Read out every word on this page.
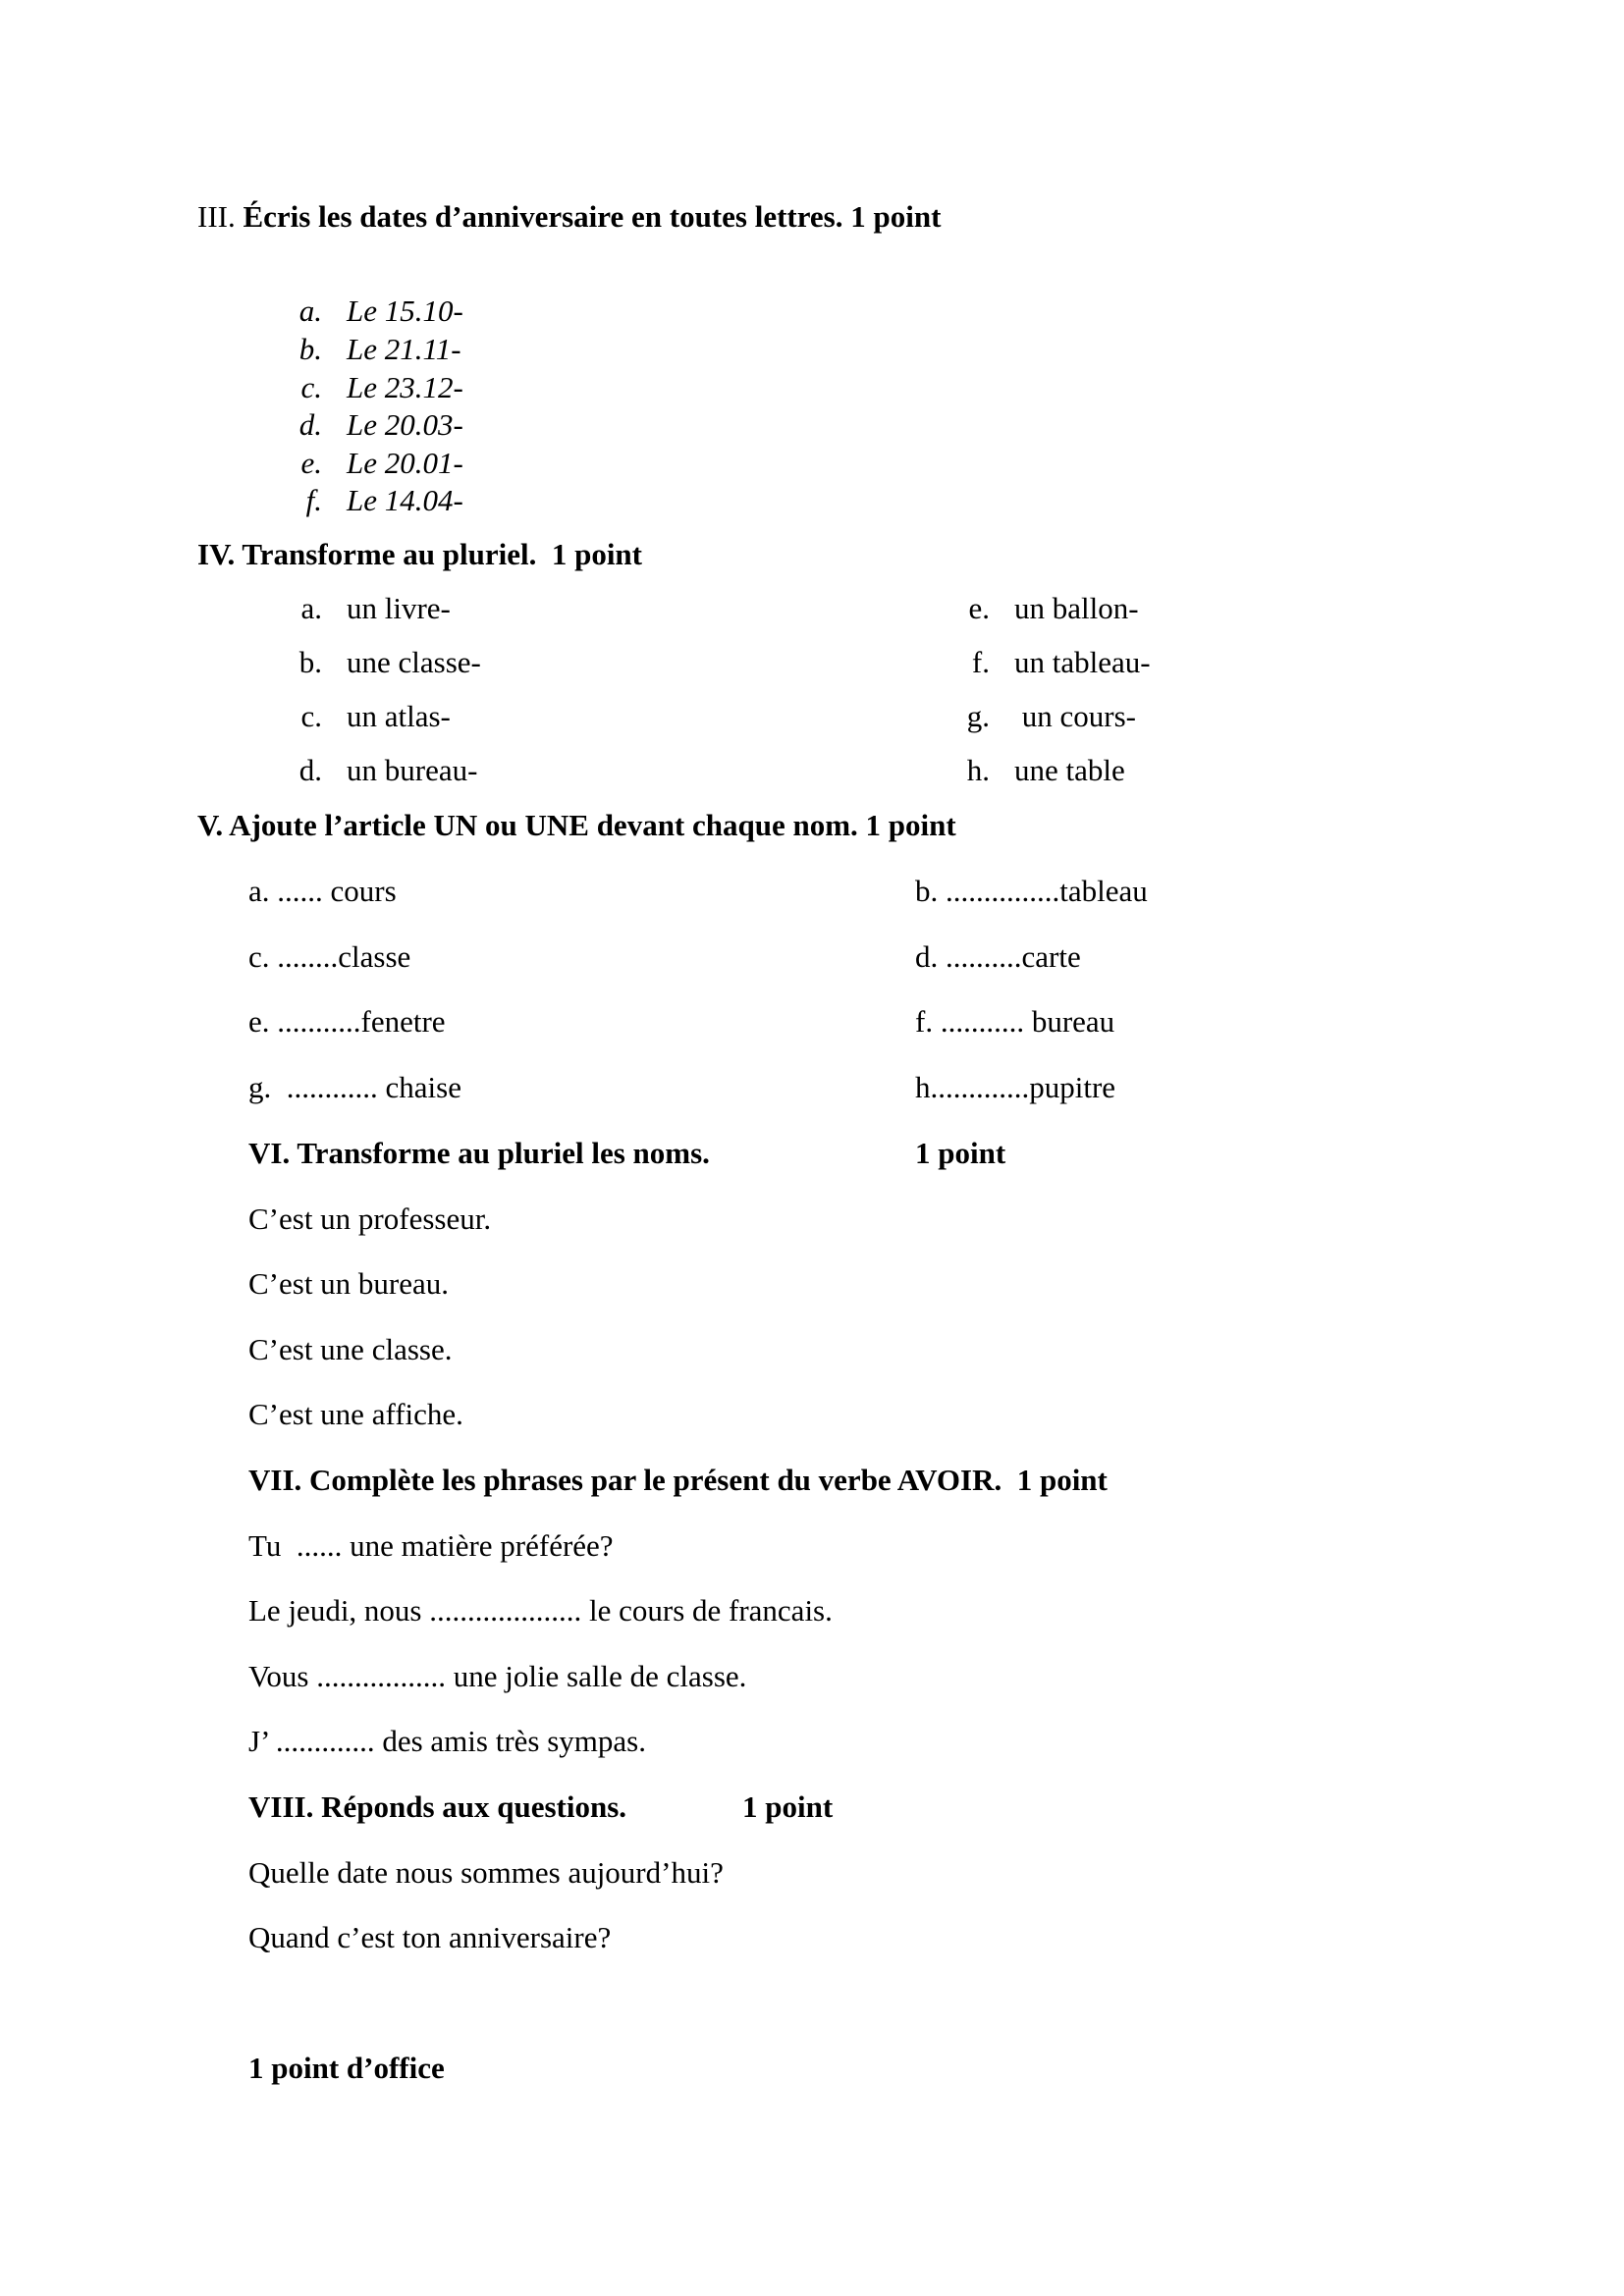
III. Écris les dates d’anniversaire en toutes lettres. 1 point
a. Le 15.10-
b. Le 21.11-
c. Le 23.12-
d. Le 20.03-
e. Le 20.01-
f. Le 14.04-
IV. Transforme au pluriel.  1 point
a. un livre-
b. une classe-
c. un atlas-
d. un bureau-
e. un ballon-
f. un tableau-
g. un cours-
h. une table
V. Ajoute l’article UN ou UNE devant chaque nom. 1 point
a. ...... cours
c. ........classe
e. ...........fenetre
g.  ............ chaise
b. ...............tableau
d. ..........carte
f. ........... bureau
h.............pupitre
VI. Transforme au pluriel les noms.	1 point
C’est un professeur.
C’est un bureau.
C’est une classe.
C’est une affiche.
VII. Complète les phrases par le présent du verbe AVOIR.  1 point
Tu  ...... une matière préférée?
Le jeudi, nous .................... le cours de francais.
Vous ................. une jolie salle de classe.
J’ ............. des amis très sympas.
VIII. Réponds aux questions.	1 point
Quelle date nous sommes aujourd’hui?
Quand c’est ton anniversaire?
1 point d’office
